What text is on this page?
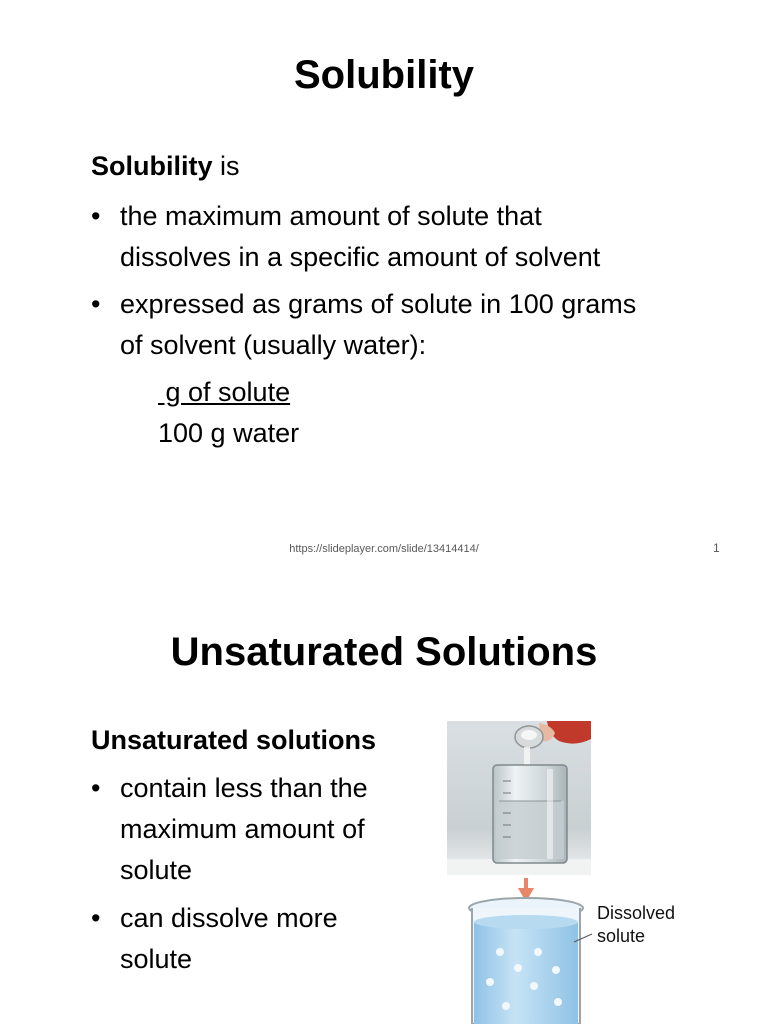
Solubility
Solubility is
• the maximum amount of solute that
dissolves in a specific amount of solvent
• expressed as grams of solute in 100 grams
of solvent (usually water):
g of solute
100 g water
https://slideplayer.com/slide/13414414/	1
Unsaturated Solutions
Unsaturated solutions
• contain less than the
maximum amount of
solute
• can dissolve more
solute
Dissolved
solute
